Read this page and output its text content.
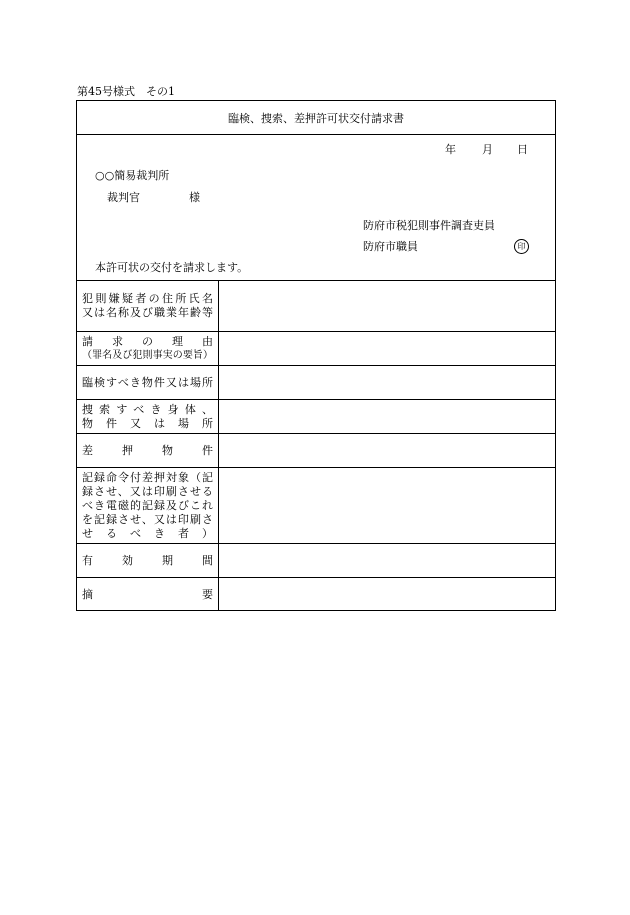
第45号様式　その1
臨検、捜索、差押許可状交付請求書
年 月 日
○○簡易裁判所
裁判官	様
防府市税犯則事件調査吏員
防府市職員	印
本許可状の交付を請求します。
犯則嫌疑者の住所氏名
又は名称及び職業年齢等
請　求　の　理　由
（罪名及び犯則事実の要旨）
臨検すべき物件又は場所
捜索すべき身体、
物件又は場所
差　押　物　件
記録命令付差押対象（記
録させ、又は印刷させる
べき電磁的記録及びこれ
を記録させ、又は印刷さ
せるべき者）
有　効　期　間
摘　　　要
